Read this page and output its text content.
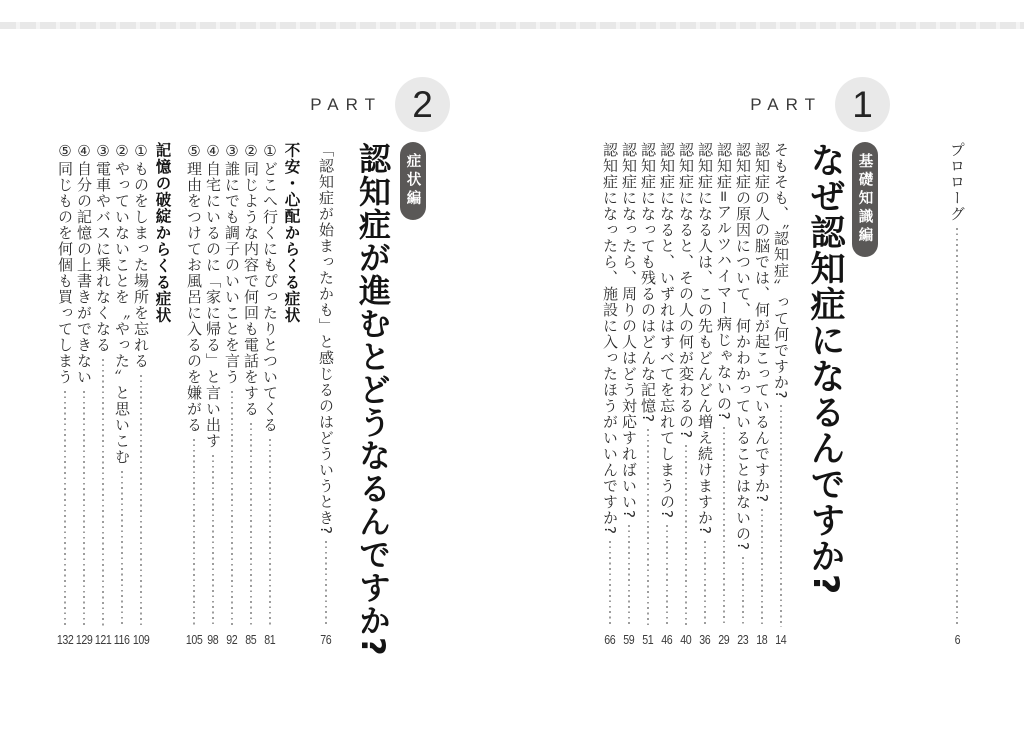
PART 1
プロローグ
6
基礎知識編
なぜ認知症になるんですか?
そもそも、〝認知症〟って何ですか?
14
認知症の人の脳では、何が起こっているんですか?
18
認知症の原因について、何かわかっていることはないの?
23
認知症=アルツハイマー病じゃないの?
29
認知症になる人は、この先もどんどん増え続けますか?
36
認知症になると、その人の何が変わるの?
40
認知症になると、いずれはすべてを忘れてしまうの?
46
認知症になっても残るのはどんな記憶?
51
認知症になったら、周りの人はどう対応すればいい?
59
認知症になったら、施設に入ったほうがいいんですか?
66
PART 2
症状編
認知症が進むとどうなるんですか?
「認知症が始まったかも」と感じるのはどういうとき?
76
不安・心配からくる症状
①どこへ行くにもぴったりとついてくる
81
②同じような内容で何回も電話をする
85
③誰にでも調子のいいことを言う
92
④自宅にいるのに「家に帰る」と言い出す
98
⑤理由をつけてお風呂に入るのを嫌がる
105
記憶の破綻からくる症状
①ものをしまった場所を忘れる
109
②やっていないことを〝やった〟と思いこむ
116
③電車やバスに乗れなくなる
121
④自分の記憶の上書きができない
129
⑤同じものを何個も買ってしまう
132
